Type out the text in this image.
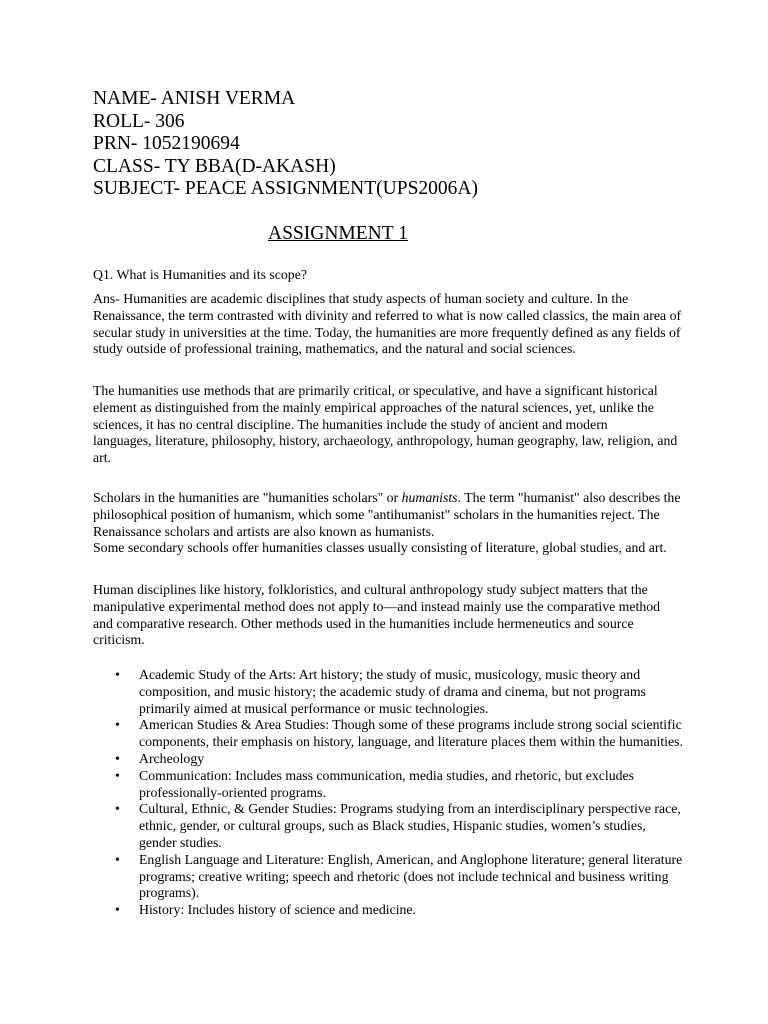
NAME- ANISH VERMA
ROLL- 306
PRN- 1052190694
CLASS- TY BBA(D-AKASH)
SUBJECT- PEACE ASSIGNMENT(UPS2006A)
ASSIGNMENT 1

Q1. What is Humanities and its scope?

Ans- Humanities are academic disciplines that study aspects of human society and culture. In the Renaissance, the term contrasted with divinity and referred to what is now called classics, the main area of secular study in universities at the time. Today, the humanities are more frequently defined as any fields of study outside of professional training, mathematics, and the natural and social sciences.

The humanities use methods that are primarily critical, or speculative, and have a significant historical element as distinguished from the mainly empirical approaches of the natural sciences, yet, unlike the sciences, it has no central discipline. The humanities include the study of ancient and modern

languages, literature, philosophy, history, archaeology, anthropology, human geography, law, religion, and art.

Scholars in the humanities are "humanities scholars" or humanists. The term "humanist" also describes the philosophical position of humanism, which some "antihumanist" scholars in the humanities reject. The Renaissance scholars and artists are also known as humanists.

Some secondary schools offer humanities classes usually consisting of literature, global studies, and art.

Human disciplines like history, folkloristics, and cultural anthropology study subject matters that the manipulative experimental method does not apply to—and instead mainly use the comparative method and comparative research. Other methods used in the humanities include hermeneutics and source criticism.

• Academic Study of the Arts: Art history; the study of music, musicology, music theory and composition, and music history; the academic study of drama and cinema, but not programs primarily aimed at musical performance or music technologies.
• American Studies & Area Studies: Though some of these programs include strong social scientific components, their emphasis on history, language, and literature places them within the humanities.
• Archeology
• Communication: Includes mass communication, media studies, and rhetoric, but excludes professionally-oriented programs.
• Cultural, Ethnic, & Gender Studies: Programs studying from an interdisciplinary perspective race, ethnic, gender, or cultural groups, such as Black studies, Hispanic studies, women’s studies, gender studies.
• English Language and Literature: English, American, and Anglophone literature; general literature programs; creative writing; speech and rhetoric (does not include technical and business writing programs).
• History: Includes history of science and medicine.
